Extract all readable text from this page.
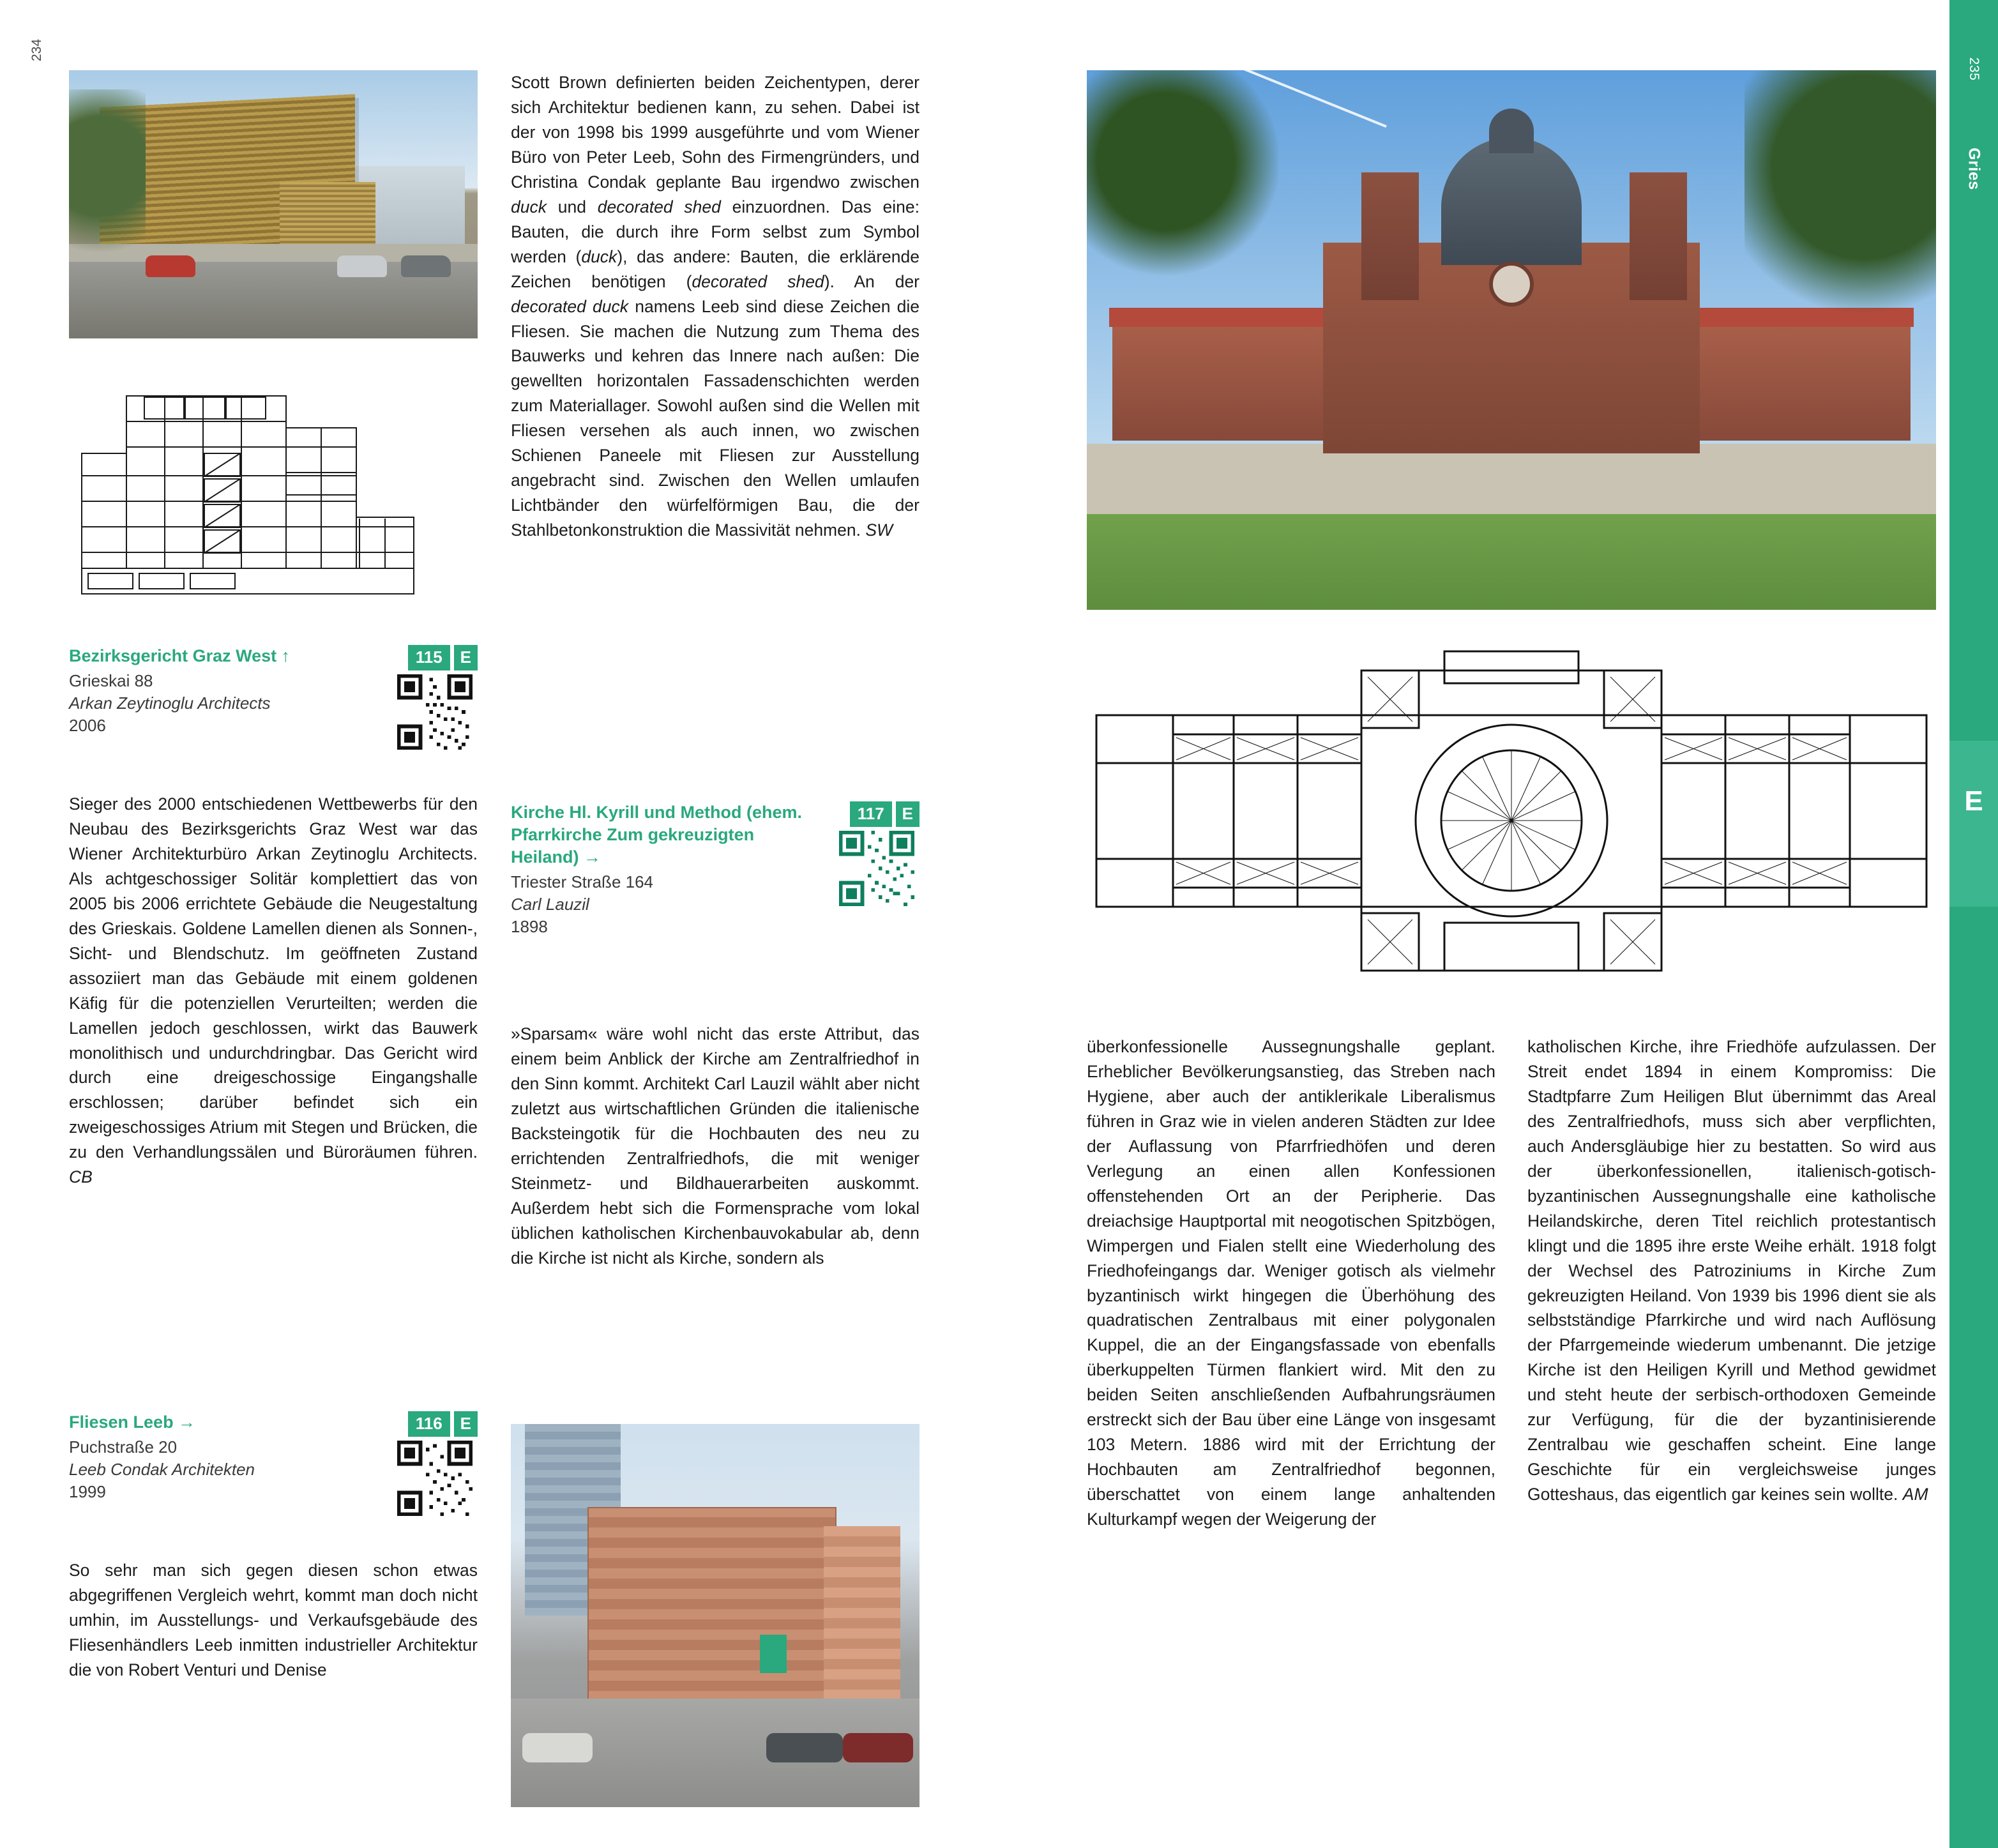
234
Bezirksgericht Graz West ↑
Grieskai 88
Arkan Zeytinoglu Architects
2006
115	E

Sieger des 2000 entschiedenen Wettbewerbs für den Neubau des Bezirksgerichts Graz West war das Wiener Architekturbüro Arkan Zeytinoglu Architects. Als achtgeschossiger Solitär komplettiert das von 2005 bis 2006 errichtete Gebäude die Neugestaltung des Grieskais. Goldene Lamellen dienen als Sonnen-, Sicht- und Blendschutz. Im geöffneten Zustand assoziiert man das Gebäude mit einem goldenen Käfig für die potenziellen Verurteilten; werden die Lamellen jedoch geschlossen, wirkt das Bauwerk monolithisch und undurchdringbar. Das Gericht wird durch eine dreigeschossige Eingangshalle erschlossen; darüber befindet sich ein zweigeschossiges Atrium mit Stegen und Brücken, die zu den Verhandlungssälen und Büroräumen führen. CB

Fliesen Leeb →
Puchstraße 20
Leeb Condak Architekten
1999
116	E

So sehr man sich gegen diesen schon etwas abgegriffenen Vergleich wehrt, kommt man doch nicht umhin, im Ausstellungs- und Verkaufsgebäude des Fliesenhändlers Leeb inmitten industrieller Architektur die von Robert Venturi und Denise

Scott Brown definierten beiden Zeichentypen, derer sich Architektur bedienen kann, zu sehen. Dabei ist der von 1998 bis 1999 ausgeführte und vom Wiener Büro von Peter Leeb, Sohn des Firmengründers, und Christina Condak geplante Bau irgendwo zwischen duck und decorated shed einzuordnen. Das eine: Bauten, die durch ihre Form selbst zum Symbol werden (duck), das andere: Bauten, die erklärende Zeichen benötigen (decorated shed). An der decorated duck namens Leeb sind diese Zeichen die Fliesen. Sie machen die Nutzung zum Thema des Bauwerks und kehren das Innere nach außen: Die gewellten horizontalen Fassadenschichten werden zum Materiallager. Sowohl außen sind die Wellen mit Fliesen versehen als auch innen, wo zwischen Schienen Paneele mit Fliesen zur Ausstellung angebracht sind. Zwischen den Wellen umlaufen Lichtbänder den würfelförmigen Bau, die der Stahlbetonkonstruktion die Massivität nehmen. SW

Kirche Hl. Kyrill und Method (ehem. Pfarrkirche Zum gekreuzigten Heiland) →
Triester Straße 164
Carl Lauzil
1898
117	E

»Sparsam« wäre wohl nicht das erste Attribut, das einem beim Anblick der Kirche am Zentralfriedhof in den Sinn kommt. Architekt Carl Lauzil wählt aber nicht zuletzt aus wirtschaftlichen Gründen die italienische Backsteingotik für die Hochbauten des neu zu errichtenden Zentralfriedhofs, die mit weniger Steinmetz- und Bildhauerarbeiten auskommt. Außerdem hebt sich die Formensprache vom lokal üblichen katholischen Kirchenbauvokabular ab, denn die Kirche ist nicht als Kirche, sondern als

überkonfessionelle Aussegnungshalle geplant. Erheblicher Bevölkerungsanstieg, das Streben nach Hygiene, aber auch der antiklerikale Liberalismus führen in Graz wie in vielen anderen Städten zur Idee der Auflassung von Pfarrfriedhöfen und deren Verlegung an einen allen Konfessionen offenstehenden Ort an der Peripherie. Das dreiachsige Hauptportal mit neogotischen Spitzbögen, Wimpergen und Fialen stellt eine Wiederholung des Friedhofeingangs dar. Weniger gotisch als vielmehr byzantinisch wirkt hingegen die Überhöhung des quadratischen Zentralbaus mit einer polygonalen Kuppel, die an der Eingangsfassade von ebenfalls überkuppelten Türmen flankiert wird. Mit den zu beiden Seiten anschließenden Aufbahrungsräumen erstreckt sich der Bau über eine Länge von insgesamt 103 Metern. 1886 wird mit der Errichtung der Hochbauten am Zentralfriedhof begonnen, überschattet von einem lange anhaltenden Kulturkampf wegen der Weigerung der

katholischen Kirche, ihre Friedhöfe aufzulassen. Der Streit endet 1894 in einem Kompromiss: Die Stadtpfarre Zum Heiligen Blut übernimmt das Areal des Zentralfriedhofs, muss sich aber verpflichten, auch Andersgläubige hier zu bestatten. So wird aus der überkonfessionellen, italienisch-gotisch-byzantinischen Aussegnungshalle eine katholische Heilandskirche, deren Titel reichlich protestantisch klingt und die 1895 ihre erste Weihe erhält. 1918 folgt der Wechsel des Patroziniums in Kirche Zum gekreuzigten Heiland. Von 1939 bis 1996 dient sie als selbstständige Pfarrkirche und wird nach Auflösung der Pfarrgemeinde wiederum umbenannt. Die jetzige Kirche ist den Heiligen Kyrill und Method gewidmet und steht heute der serbisch-orthodoxen Gemeinde zur Verfügung, für die der byzantinisierende Zentralbau wie geschaffen scheint. Eine lange Geschichte für ein vergleichsweise junges Gotteshaus, das eigentlich gar keines sein wollte. AM

235
Gries
E
